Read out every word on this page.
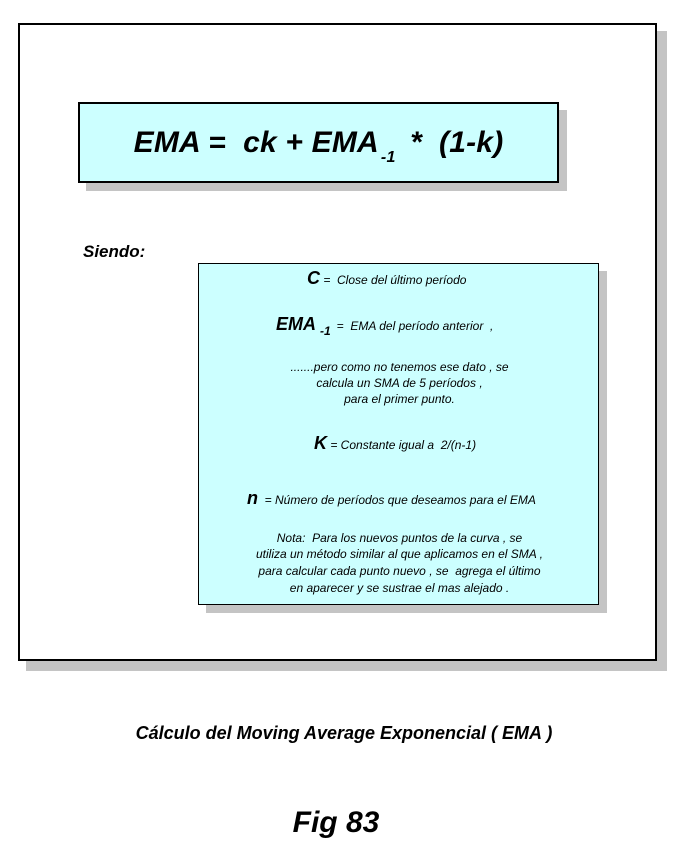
EMA =  ck + EMA $_{-1}$ *  (1-k)
Siendo:
C =  Close del último período
EMA -1 =  EMA del período anterior  ,
.......pero como no tenemos ese dato , se
calcula un SMA de 5 períodos ,
para el primer punto.
K = Constante igual a  2/(n-1)
n  = Número de períodos que deseamos para el EMA
Nota:  Para los nuevos puntos de la curva , se
utiliza un método similar al que aplicamos en el SMA ,
para calcular cada punto nuevo , se  agrega el último
en aparecer y se sustrae el mas alejado .
Cálculo del Moving Average Exponencial ( EMA )
Fig 83
